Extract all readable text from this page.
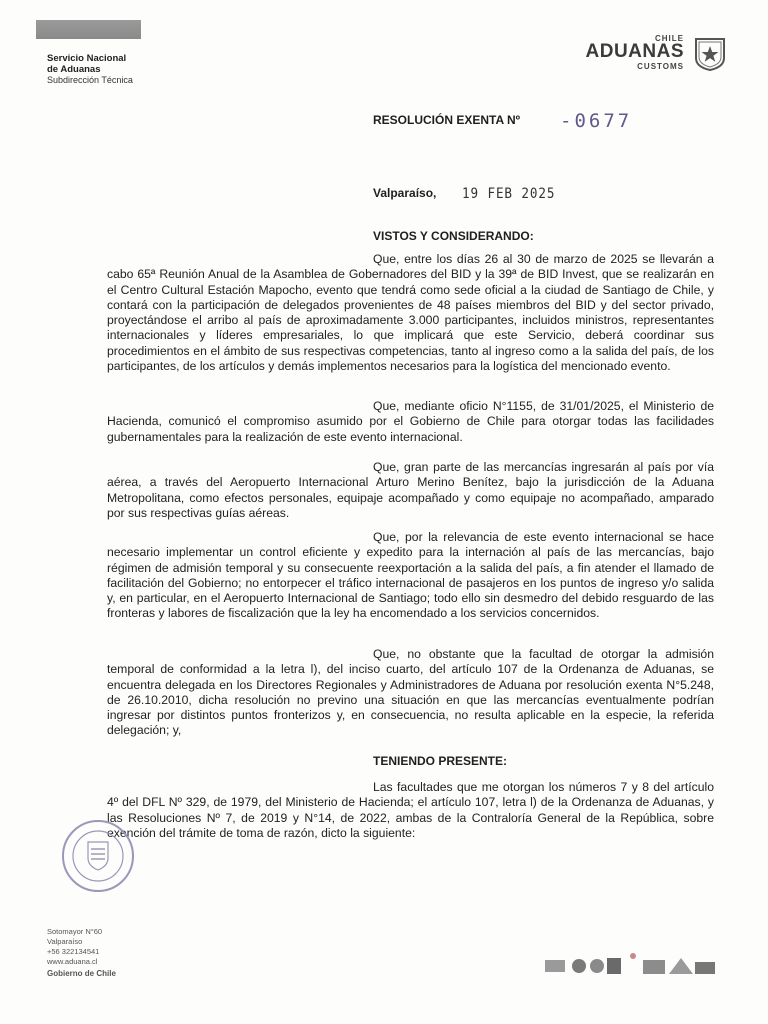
Servicio Nacional
de Aduanas
Subdirección Técnica
CHILE
ADUANAS
CUSTOMS
RESOLUCIÓN EXENTA Nº -0677
Valparaíso, 19 FEB 2025
VISTOS Y CONSIDERANDO:

Que, entre los días 26 al 30 de marzo de 2025 se llevarán a cabo 65ª Reunión Anual de la Asamblea de Gobernadores del BID y la 39ª de BID Invest, que se realizarán en el Centro Cultural Estación Mapocho, evento que tendrá como sede oficial a la ciudad de Santiago de Chile, y contará con la participación de delegados provenientes de 48 países miembros del BID y del sector privado, proyectándose el arribo al país de aproximadamente 3.000 participantes, incluidos ministros, representantes internacionales y líderes empresariales, lo que implicará que este Servicio, deberá coordinar sus procedimientos en el ámbito de sus respectivas competencias, tanto al ingreso como a la salida del país, de los participantes, de los artículos y demás implementos necesarios para la logística del mencionado evento.

Que, mediante oficio N°1155, de 31/01/2025, el Ministerio de Hacienda, comunicó el compromiso asumido por el Gobierno de Chile para otorgar todas las facilidades gubernamentales para la realización de este evento internacional.

Que, gran parte de las mercancías ingresarán al país por vía aérea, a través del Aeropuerto Internacional Arturo Merino Benítez, bajo la jurisdicción de la Aduana Metropolitana, como efectos personales, equipaje acompañado y como equipaje no acompañado, amparado por sus respectivas guías aéreas.

Que, por la relevancia de este evento internacional se hace necesario implementar un control eficiente y expedito para la internación al país de las mercancías, bajo régimen de admisión temporal y su consecuente reexportación a la salida del país, a fin atender el llamado de facilitación del Gobierno; no entorpecer el tráfico internacional de pasajeros en los puntos de ingreso y/o salida y, en particular, en el Aeropuerto Internacional de Santiago; todo ello sin desmedro del debido resguardo de las fronteras y labores de fiscalización que la ley ha encomendado a los servicios concernidos.

Que, no obstante que la facultad de otorgar la admisión temporal de conformidad a la letra l), del inciso cuarto, del artículo 107 de la Ordenanza de Aduanas, se encuentra delegada en los Directores Regionales y Administradores de Aduana por resolución exenta N°5.248, de 26.10.2010, dicha resolución no previno una situación en que las mercancías eventualmente podrían ingresar por distintos puntos fronterizos y, en consecuencia, no resulta aplicable en la especie, la referida delegación; y,

TENIENDO PRESENTE:

Las facultades que me otorgan los números 7 y 8 del artículo 4º del DFL Nº 329, de 1979, del Ministerio de Hacienda; el artículo 107, letra l) de la Ordenanza de Aduanas, y las Resoluciones Nº 7, de 2019 y N°14, de 2022, ambas de la Contraloría General de la República, sobre exención del trámite de toma de razón, dicto la siguiente:

Sotomayor N°60
Valparaíso
+56 322134541
www.aduana.cl
Gobierno de Chile
